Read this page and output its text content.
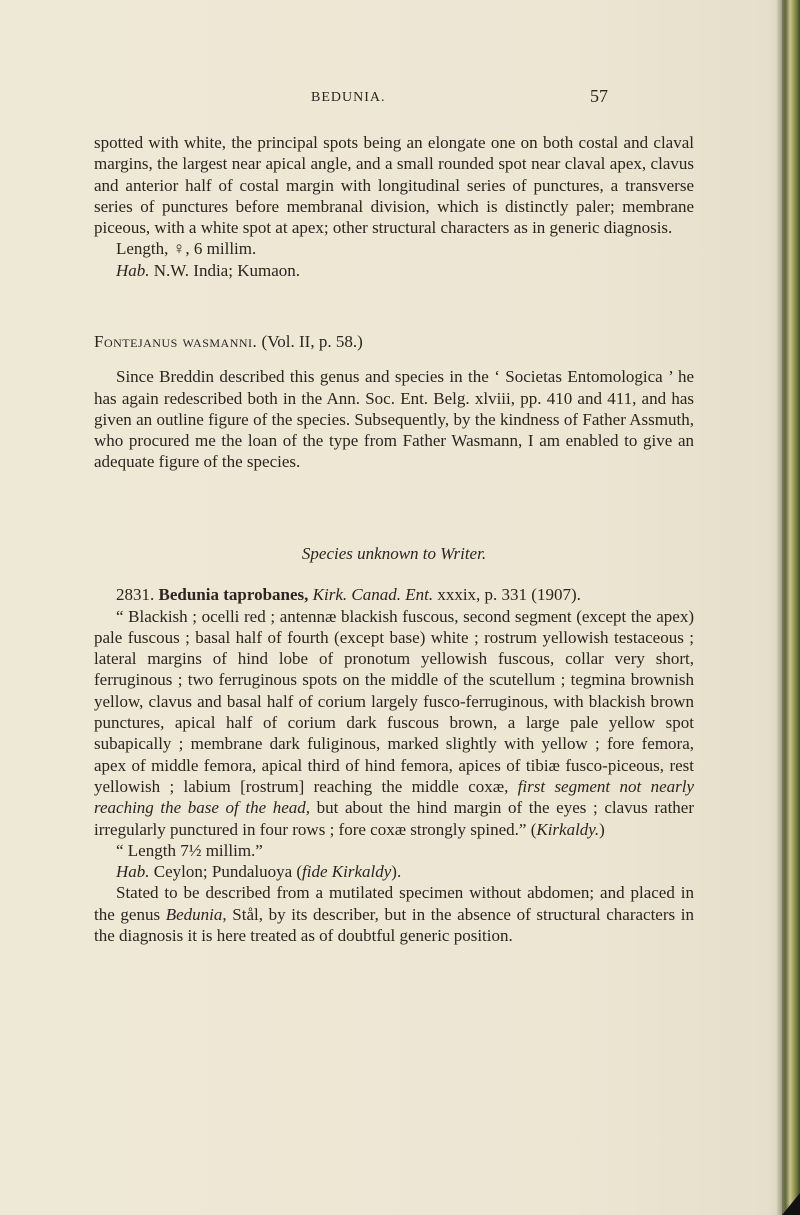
BEDUNIA.	57

spotted with white, the principal spots being an elongate one on both costal and claval margins, the largest near apical angle, and a small rounded spot near claval apex, clavus and anterior half of costal margin with longitudinal series of punctures, a transverse series of punctures before membranal division, which is distinctly paler; membrane piceous, with a white spot at apex; other structural characters as in generic diagnosis.

Length, ♀, 6 millim.

Hab. N.W. India; Kumaon.

Fontejanus wasmanni. (Vol. II, p. 58.)

Since Breddin described this genus and species in the ‘ Societas Entomologica ’ he has again redescribed both in the Ann. Soc. Ent. Belg. xlviii, pp. 410 and 411, and has given an outline figure of the species. Subsequently, by the kindness of Father Assmuth, who procured me the loan of the type from Father Wasmann, I am enabled to give an adequate figure of the species.

Species unknown to Writer.

2831. Bedunia taprobanes, Kirk. Canad. Ent. xxxix, p. 331 (1907).

“ Blackish ; ocelli red ; antennæ blackish fuscous, second segment (except the apex) pale fuscous ; basal half of fourth (except base) white ; rostrum yellowish testaceous ; lateral margins of hind lobe of pronotum yellowish fuscous, collar very short, ferruginous ; two ferruginous spots on the middle of the scutellum ; tegmina brownish yellow, clavus and basal half of corium largely fusco-ferruginous, with blackish brown punctures, apical half of corium dark fuscous brown, a large pale yellow spot subapically ; membrane dark fuliginous, marked slightly with yellow ; fore femora, apex of middle femora, apical third of hind femora, apices of tibiæ fusco-piceous, rest yellowish ; labium [rostrum] reaching the middle coxæ, first segment not nearly reaching the base of the head, but about the hind margin of the eyes ; clavus rather irregularly punctured in four rows ; fore coxæ strongly spined.” (Kirkaldy.)

“ Length 7½ millim.”

Hab. Ceylon; Pundaluoya (fide Kirkaldy).

Stated to be described from a mutilated specimen without abdomen; and placed in the genus Bedunia, Stål, by its describer, but in the absence of structural characters in the diagnosis it is here treated as of doubtful generic position.
